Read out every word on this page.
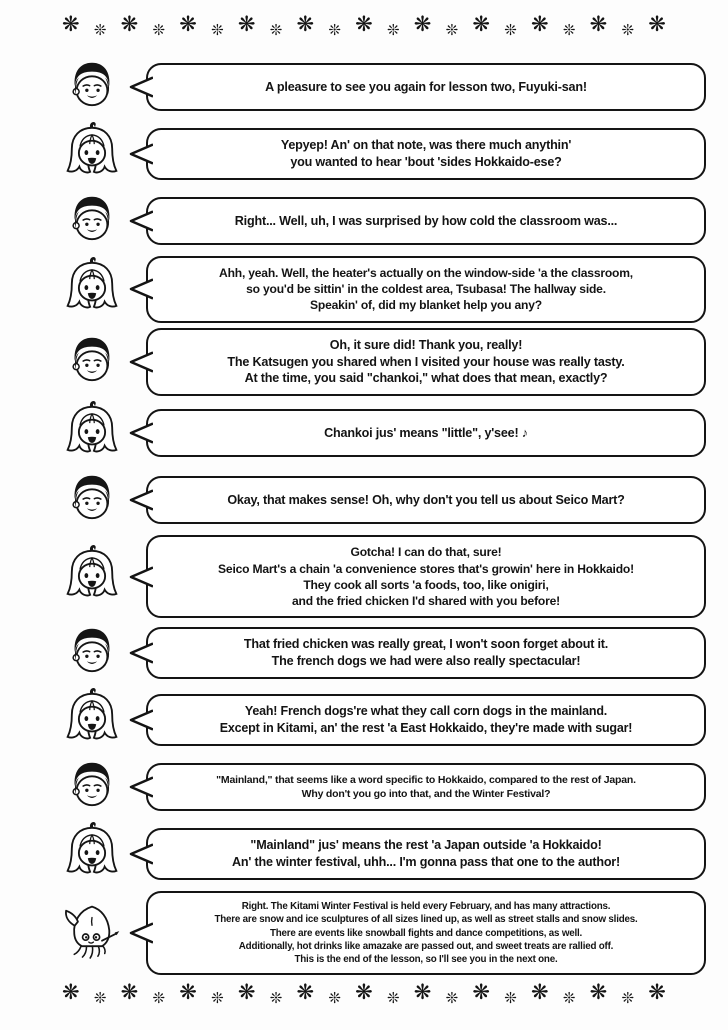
❋ ❊ ❋ ❊ ❋ ❊ ❋ ❊ ❋ ❊ ❋ ❊ ❋ ❊ ❋ ❊ ❋ ❊ ❋ ❊ ❋
A pleasure to see you again for lesson two, Fuyuki-san!
Yepyep! An' on that note, was there much anythin'
you wanted to hear 'bout 'sides Hokkaido-ese?
Right... Well, uh, I was surprised by how cold the classroom was...
Ahh, yeah. Well, the heater's actually on the window-side 'a the classroom,
so you'd be sittin' in the coldest area, Tsubasa! The hallway side.
Speakin' of, did my blanket help you any?
Oh, it sure did! Thank you, really!
The Katsugen you shared when I visited your house was really tasty.
At the time, you said "chankoi," what does that mean, exactly?
Chankoi jus' means "little", y'see! ♪
Okay, that makes sense! Oh, why don't you tell us about Seico Mart?
Gotcha! I can do that, sure!
Seico Mart's a chain 'a convenience stores that's growin' here in Hokkaido!
They cook all sorts 'a foods, too, like onigiri,
and the fried chicken I'd shared with you before!
That fried chicken was really great, I won't soon forget about it.
The french dogs we had were also really spectacular!
Yeah! French dogs're what they call corn dogs in the mainland.
Except in Kitami, an' the rest 'a East Hokkaido, they're made with sugar!
"Mainland," that seems like a word specific to Hokkaido, compared to the rest of Japan.
Why don't you go into that, and the Winter Festival?
"Mainland" jus' means the rest 'a Japan outside 'a Hokkaido!
An' the winter festival, uhh... I'm gonna pass that one to the author!
Right. The Kitami Winter Festival is held every February, and has many attractions.
There are snow and ice sculptures of all sizes lined up, as well as street stalls and snow slides.
There are events like snowball fights and dance competitions, as well.
Additionally, hot drinks like amazake are passed out, and sweet treats are rallied off.
This is the end of the lesson, so I'll see you in the next one.
❋ ❊ ❋ ❊ ❋ ❊ ❋ ❊ ❋ ❊ ❋ ❊ ❋ ❊ ❋ ❊ ❋ ❊ ❋ ❊ ❋
